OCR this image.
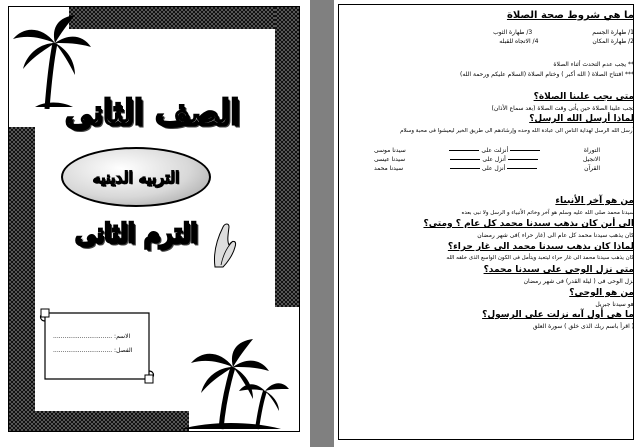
الصف الثانى
التربيه الدينيه
الترم الثانى
الاسم: ...............................
الفصل: ...............................
ما هي شروط صحة الصلاة
1/ طهارة الجسم
3/ طهارة الثوب
2/ طهارة المكان
4/ الاتجاه للقبله
** يجب عدم التحدث أثناء الصلاة
*** افتتاح الصلاة ( الله أكبر ) وختام الصلاة (السلام عليكم ورحمة الله)
متى يجب علينا الصلاة؟
تجب علينا الصلاة حين يأتى وقت الصلاة (بعد سماع الأذان)
لماذا أرسل الله الرسل؟
أرسل الله الرسل لهداية الناس الى عبادة الله وحده وإرشادهم الى طريق الخير ليعيشوا فى محبة وسلام
التوراة
أنزلت على
سيدنا موسى
الانجيل
أنزل على
سيدنا عيسى
القرآن
أنزل على
سيدنا محمد
من هو آخر الأنبياء
سيدنا محمد صلى الله عليه وسلم هو آخر وخاتم الأنبياء و الرسل ولا نبى بعده
الى أين كان يذهب سيدنا محمد كل عام ؟ ومتى؟
كان يذهب سيدنا محمد كل عام الى (غار حراء )فى شهر رمضان
لماذا كان يذهب سيدنا محمد الى غار حراء؟
كان يذهب سيدنا محمد الى غار حراء ليتعبد ويتأمل فى الكون الواسع الذى خلقه الله
متى نزل الوحي على سيدنا محمد؟
نزل الوحى فى ( ليلة القدر) فى شهر رمضان
من هو الوحي؟
هو سيدنا جبريل
ما هى أول آيه نزلت على الرسول؟
( اقرأ باسم ربك الذى خلق ) سورة العلق
